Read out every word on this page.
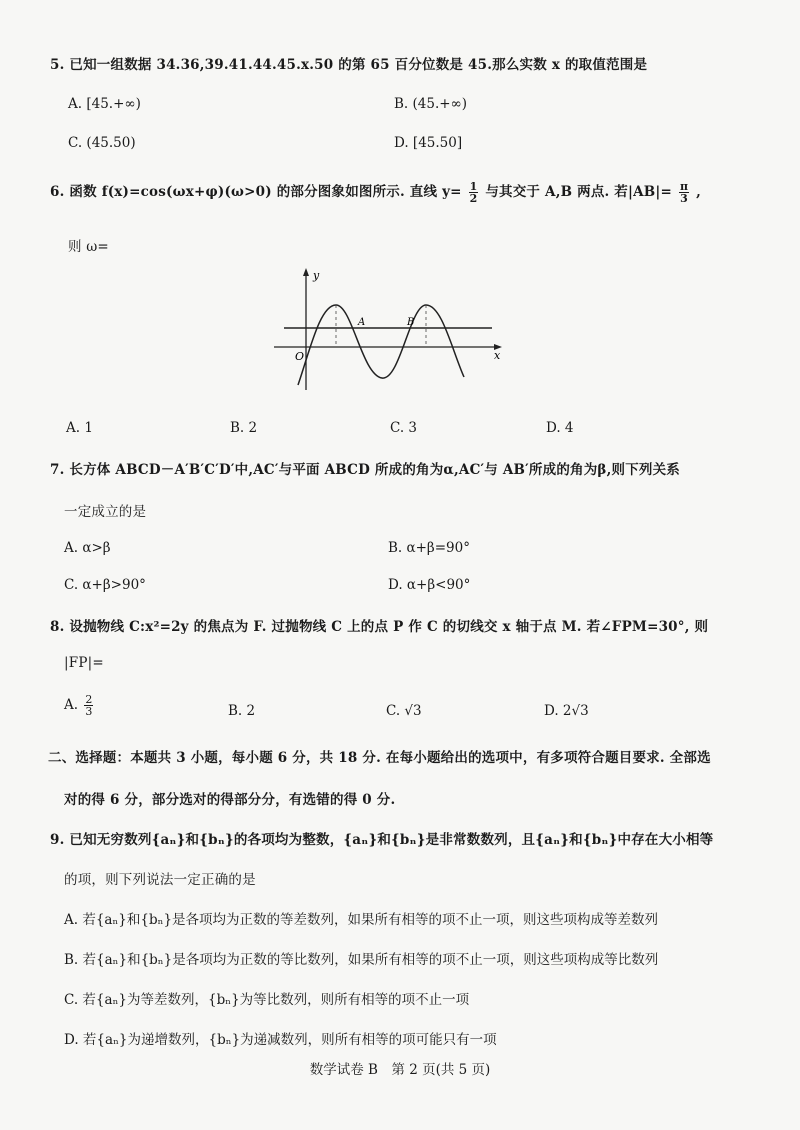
5. 已知一组数据 34.36,39.41.44.45.x.50 的第 65 百分位数是 45.那么实数 x 的取值范围是
A. [45.+∞)	B. (45.+∞)
C. (45.50)	D. [45.50]
6. 函数 f(x)=cos(ωx+φ)(ω>0) 的部分图象如图所示. 直线 $y= \frac{1}{2}$ 与其交于 A,B 两点. 若$|AB|= \frac{\pi}{3}$ ,
则 ω=
y
x
O
A	B
A. 1	B. 2	C. 3	D. 4
7. 长方体 ABCD－A′B′C′D′中,AC′与平面 ABCD 所成的角为α,AC′与 AB′所成的角为β,则下列关系
一定成立的是
A. α>β	B. α+β=90°
C. α+β>90°	D. α+β<90°
8. 设抛物线 C:x²=2y 的焦点为 F. 过抛物线 C 上的点 P 作 C 的切线交 x 轴于点 M. 若∠FPM=30°, 则
|FP|=
A. $\frac{2}{3}$	B. 2	C. √3	D. 2√3
二、选择题：本题共 3 小题，每小题 6 分，共 18 分. 在每小题给出的选项中，有多项符合题目要求. 全部选
对的得 6 分，部分选对的得部分分，有选错的得 0 分.
9. 已知无穷数列{aₙ}和{bₙ}的各项均为整数，{aₙ}和{bₙ}是非常数数列，且{aₙ}和{bₙ}中存在大小相等
的项，则下列说法一定正确的是
A. 若{aₙ}和{bₙ}是各项均为正数的等差数列，如果所有相等的项不止一项，则这些项构成等差数列
B. 若{aₙ}和{bₙ}是各项均为正数的等比数列，如果所有相等的项不止一项，则这些项构成等比数列
C. 若{aₙ}为等差数列，{bₙ}为等比数列，则所有相等的项不止一项
D. 若{aₙ}为递增数列，{bₙ}为递减数列，则所有相等的项可能只有一项
数学试卷 B　第 2 页(共 5 页)
